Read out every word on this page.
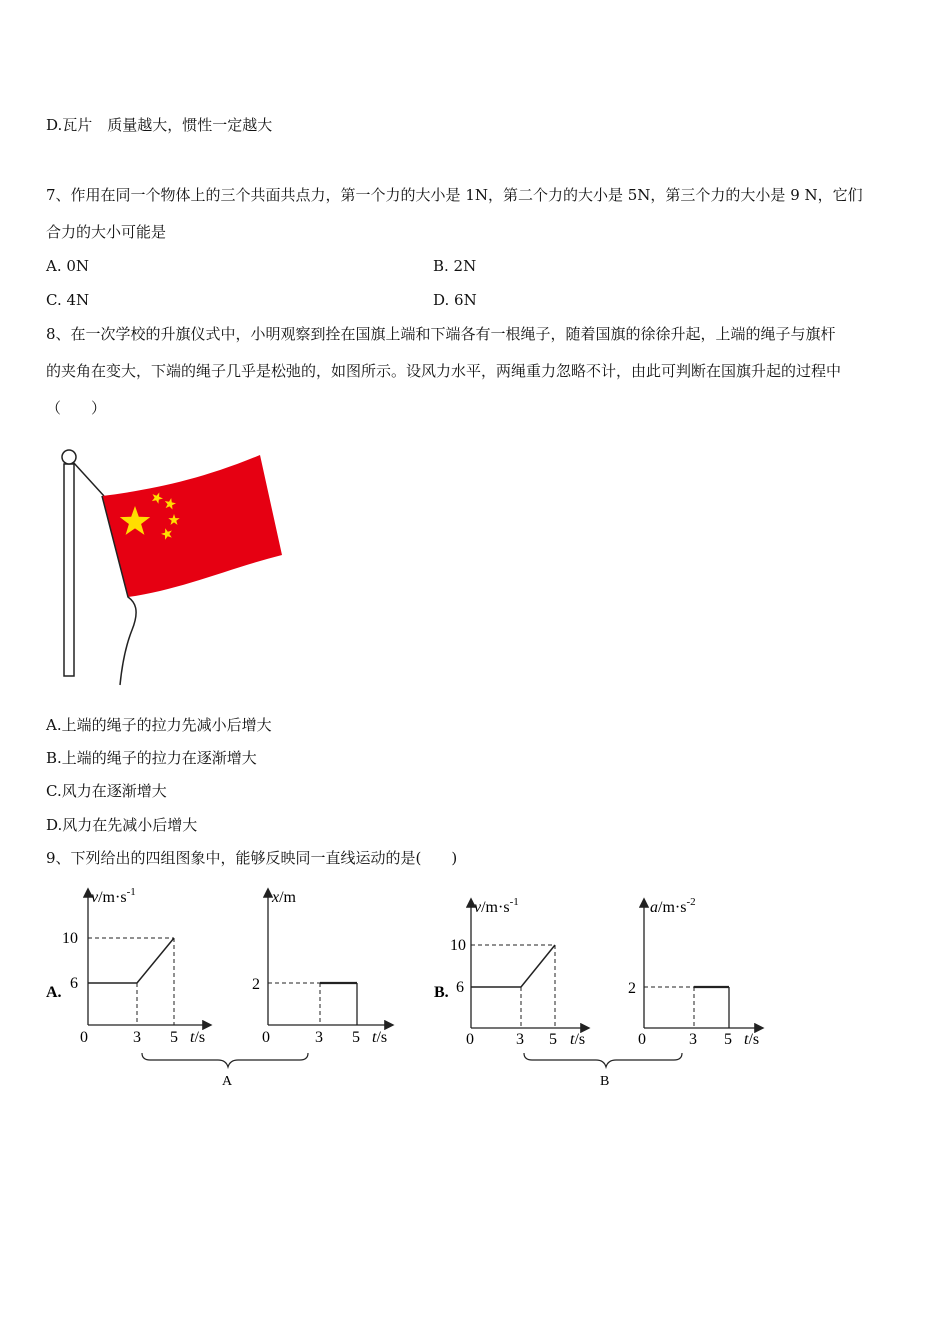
D.瓦片　质量越大，惯性一定越大
7、作用在同一个物体上的三个共面共点力，第一个力的大小是 1N，第二个力的大小是 5N，第三个力的大小是 9 N，它们
合力的大小可能是
A. 0N	B. 2N
C. 4N	D. 6N
8、在一次学校的升旗仪式中，小明观察到拴在国旗上端和下端各有一根绳子，随着国旗的徐徐升起，上端的绳子与旗杆
的夹角在变大，下端的绳子几乎是松弛的，如图所示。设风力水平，两绳重力忽略不计，由此可判断在国旗升起的过程中
（　　）
A.上端的绳子的拉力先减小后增大
B.上端的绳子的拉力在逐渐增大
C.风力在逐渐增大
D.风力在先减小后增大
9、下列给出的四组图象中，能够反映同一直线运动的是(　　)
A.
$v/m\cdot s^{-1}$
10
6
0	3 5 t/s
x/m
2
0	3 5 t/s
A
B.
$v/m\cdot s^{-1}$
10
6
0	3 5 t/s
$a/m\cdot s^{-2}$
2
0	3 5 t/s
B
